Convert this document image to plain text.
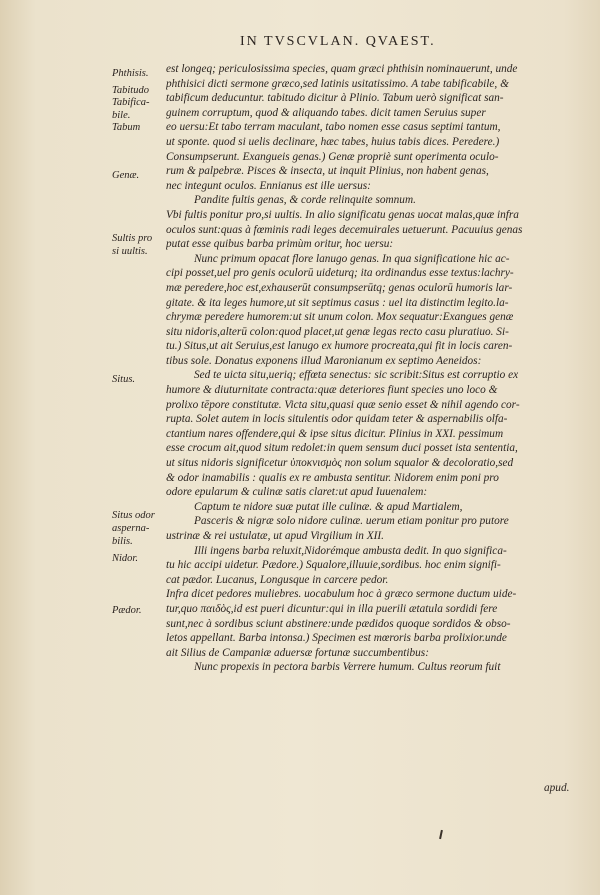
IN TVSCVLAN. QVAEST.
Phthisis.
Tabitudo
Tabifica-
bile.
Tabum
Genæ.
Sultis pro
si uultis.
Situs.
Situs odor
asperna-
bilis.
Nidor.
Pædor.
est longeq; periculosissima species, quam græci phthisin nominauerunt, unde
phthisici dicti sermone græco,sed latinis usitatissimo. A tabe tabificabile, &
tabificum deducuntur. tabitudo dicitur à Plinio. Tabum uerò significat san-
guinem corruptum, quod & aliquando tabes. dicit tamen Seruius super
eo uersu:Et tabo terram maculant, tabo nomen esse casus septimi tantum,
ut sponte. quod si uelis declinare, hæc tabes, huius tabis dices. Peredere.)
Consumpserunt. Exangueis genas.) Genæ propriè sunt operimenta oculo-
rum & palpebræ. Pisces & insecta, ut inquit Plinius, non habent genas,
nec integunt oculos. Ennianus est ille uersus:
Pandite fultis genas, & corde relinquite somnum.
Vbi fultis ponitur pro,si uultis. In alio significatu genas uocat malas,quæ infra
oculos sunt:quas à fœminis radi leges decemuirales uetuerunt. Pacuuius genas
putat esse quibus barba primùm oritur, hoc uersu:
Nunc primum opacat flore lanugo genas. In qua significatione hic ac-
cipi posset,uel pro genis oculorū uideturq; ita ordinandus esse textus:lachry-
mæ peredere,hoc est,exhauserūt consumpserūtq; genas oculorū humoris lar-
gitate. & ita leges humore,ut sit septimus casus : uel ita distinctim legito.la-
chrymæ peredere humorem:ut sit unum colon. Mox sequatur:Exangues genæ
situ nidoris,alterū colon:quod placet,ut genæ legas recto casu pluratiuo. Si-
tu.) Situs,ut ait Seruius,est lanugo ex humore procreata,qui fit in locis caren-
tibus sole. Donatus exponens illud Maronianum ex septimo Aeneidos:
Sed te uicta situ,ueriq; effœta senectus: sic scribit:Situs est corruptio ex
humore & diuturnitate contracta:quæ deteriores fiunt species uno loco &
prolixo tēpore constitutæ. Victa situ,quasi quæ senio esset & nihil agendo cor-
rupta. Solet autem in locis situlentis odor quidam teter & aspernabilis olfa-
ctantium nares offendere,qui & ipse situs dicitur. Plinius in XXI. pessimum
esse crocum ait,quod situm redolet:in quem sensum duci posset ista sententia,
ut situs nidoris significetur ὑποκνισμὸς non solum squalor & decoloratio,sed
& odor inamabilis : qualis ex re ambusta sentitur. Nidorem enim poni pro
odore epularum & culinæ satis claret:ut apud Iuuenalem:
Captum te nidore suæ putat ille culinæ. & apud Martialem,
Pasceris & nigræ solo nidore culinæ. uerum etiam ponitur pro putore
ustrinæ & rei ustulatæ, ut apud Virgilium in XII.
Illi ingens barba reluxit,Nidorémque ambusta dedit. In quo significa-
tu hic accipi uidetur. Pædore.) Squalore,illuuie,sordibus. hoc enim signifi-
cat pædor. Lucanus, Longusque in carcere pedor.
Infra dicet pedores muliebres. uocabulum hoc à græco sermone ductum uide-
tur,quo παιδὸς,id est pueri dicuntur:qui in illa puerili ætatula sordidi fere
sunt,nec à sordibus sciunt abstinere:unde pædidos quoque sordidos & obso-
letos appellant. Barba intonsa.) Specimen est mœroris barba prolixior.unde
ait Silius de Campaniæ aduersæ fortunæ succumbentibus:
Nunc propexis in pectora barbis Verrere humum. Cultus reorum fuit
apud.
